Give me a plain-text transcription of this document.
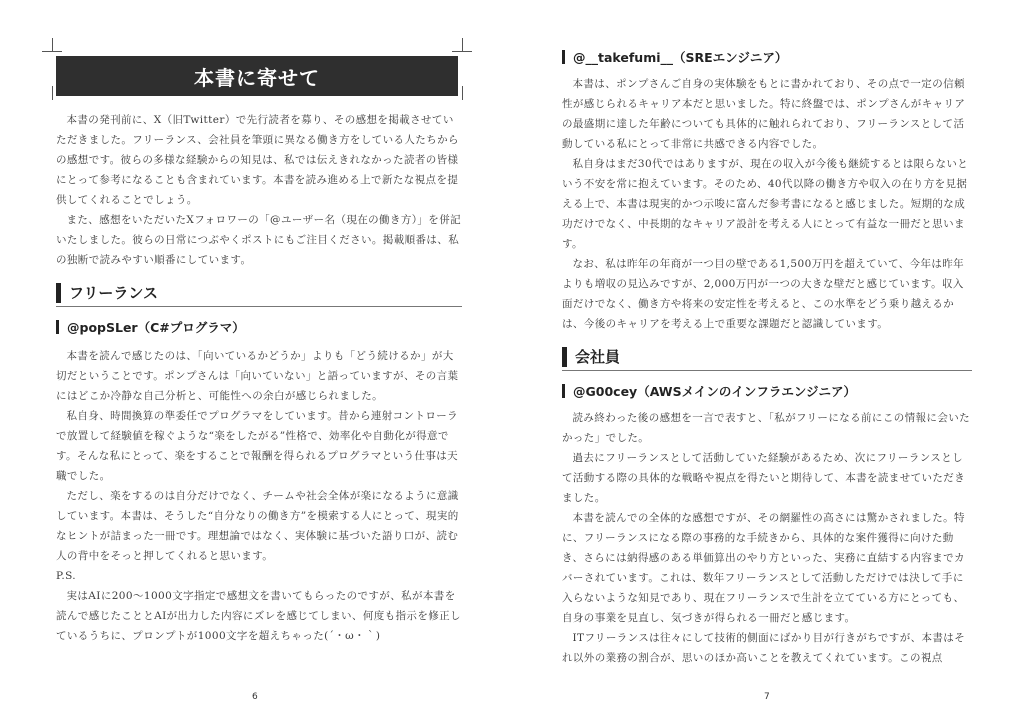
本書に寄せて

本書の発刊前に、X（旧Twitter）で先行読者を募り、その感想を掲載させていただきました。フリーランス、会社員を筆頭に異なる働き方をしている人たちからの感想です。彼らの多様な経験からの知見は、私では伝えきれなかった読者の皆様にとって参考になることも含まれています。本書を読み進める上で新たな視点を提供してくれることでしょう。

また、感想をいただいたXフォロワーの「@ユーザー名（現在の働き方）」を併記いたしました。彼らの日常につぶやくポストにもご注目ください。掲載順番は、私の独断で読みやすい順番にしています。

フリーランス
@popSLer（C#プログラマ）

本書を読んで感じたのは、「向いているかどうか」よりも「どう続けるか」が大切だということです。ポンプさんは「向いていない」と語っていますが、その言葉にはどこか冷静な自己分析と、可能性への余白が感じられました。

私自身、時間換算の準委任でプログラマをしています。昔から連射コントローラで放置して経験値を稼ぐような“楽をしたがる”性格で、効率化や自動化が得意です。そんな私にとって、楽をすることで報酬を得られるプログラマという仕事は天職でした。

ただし、楽をするのは自分だけでなく、チームや社会全体が楽になるように意識しています。本書は、そうした“自分なりの働き方”を模索する人にとって、現実的なヒントが詰まった一冊です。理想論ではなく、実体験に基づいた語り口が、読む人の背中をそっと押してくれると思います。

P.S.

実はAIに200～1000文字指定で感想文を書いてもらったのですが、私が本書を読んで感じたこととAIが出力した内容にズレを感じてしまい、何度も指示を修正しているうちに、プロンプトが1000文字を超えちゃった(´・ω・｀)

6
@__takefumi__（SREエンジニア）

本書は、ポンプさんご自身の実体験をもとに書かれており、その点で一定の信頼性が感じられるキャリア本だと思いました。特に終盤では、ポンプさんがキャリアの最盛期に達した年齢についても具体的に触れられており、フリーランスとして活動している私にとって非常に共感できる内容でした。

私自身はまだ30代ではありますが、現在の収入が今後も継続するとは限らないという不安を常に抱えています。そのため、40代以降の働き方や収入の在り方を見据える上で、本書は現実的かつ示唆に富んだ参考書になると感じました。短期的な成功だけでなく、中長期的なキャリア設計を考える人にとって有益な一冊だと思います。

なお、私は昨年の年商が一つ目の壁である1,500万円を超えていて、今年は昨年よりも増収の見込みですが、2,000万円が一つの大きな壁だと感じています。収入面だけでなく、働き方や将来の安定性を考えると、この水準をどう乗り越えるかは、今後のキャリアを考える上で重要な課題だと認識しています。

会社員
@G00cey（AWSメインのインフラエンジニア）

読み終わった後の感想を一言で表すと、「私がフリーになる前にこの情報に会いたかった」でした。

過去にフリーランスとして活動していた経験があるため、次にフリーランスとして活動する際の具体的な戦略や視点を得たいと期待して、本書を読ませていただきました。

本書を読んでの全体的な感想ですが、その網羅性の高さには驚かされました。特に、フリーランスになる際の事務的な手続きから、具体的な案件獲得に向けた動き、さらには納得感のある単価算出のやり方といった、実務に直結する内容までカバーされています。これは、数年フリーランスとして活動しただけでは決して手に入らないような知見であり、現在フリーランスで生計を立てている方にとっても、自身の事業を見直し、気づきが得られる一冊だと感じます。

ITフリーランスは往々にして技術的側面にばかり目が行きがちですが、本書はそれ以外の業務の割合が、思いのほか高いことを教えてくれています。この視点

7
